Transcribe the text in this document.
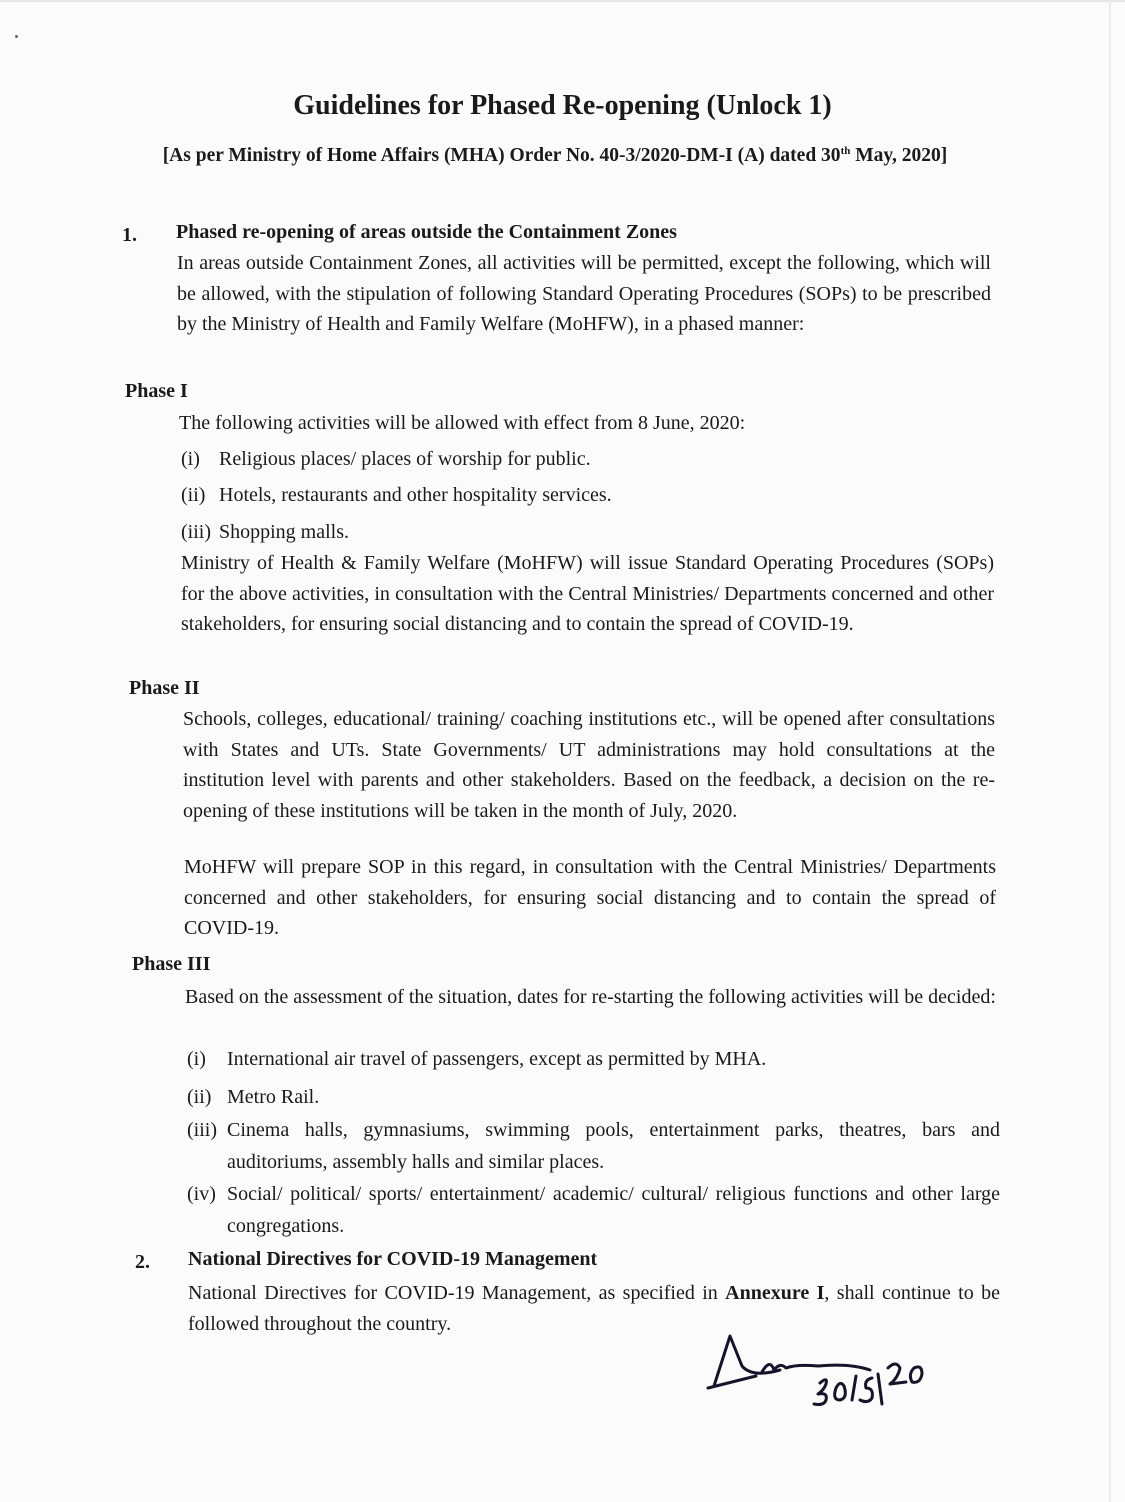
Guidelines for Phased Re-opening (Unlock 1)
[As per Ministry of Home Affairs (MHA) Order No. 40-3/2020-DM-I (A) dated 30th May, 2020]
1. Phased re-opening of areas outside the Containment Zones
In areas outside Containment Zones, all activities will be permitted, except the following, which will be allowed, with the stipulation of following Standard Operating Procedures (SOPs) to be prescribed by the Ministry of Health and Family Welfare (MoHFW), in a phased manner:
Phase I
The following activities will be allowed with effect from 8 June, 2020:
(i) Religious places/ places of worship for public.
(ii) Hotels, restaurants and other hospitality services.
(iii) Shopping malls.
Ministry of Health & Family Welfare (MoHFW) will issue Standard Operating Procedures (SOPs) for the above activities, in consultation with the Central Ministries/ Departments concerned and other stakeholders, for ensuring social distancing and to contain the spread of COVID-19.
Phase II
Schools, colleges, educational/ training/ coaching institutions etc., will be opened after consultations with States and UTs. State Governments/ UT administrations may hold consultations at the institution level with parents and other stakeholders. Based on the feedback, a decision on the re-opening of these institutions will be taken in the month of July, 2020.
MoHFW will prepare SOP in this regard, in consultation with the Central Ministries/ Departments concerned and other stakeholders, for ensuring social distancing and to contain the spread of COVID-19.
Phase III
Based on the assessment of the situation, dates for re-starting the following activities will be decided:
(i) International air travel of passengers, except as permitted by MHA.
(ii) Metro Rail.
(iii) Cinema halls, gymnasiums, swimming pools, entertainment parks, theatres, bars and auditoriums, assembly halls and similar places.
(iv) Social/ political/ sports/ entertainment/ academic/ cultural/ religious functions and other large congregations.
2. National Directives for COVID-19 Management
National Directives for COVID-19 Management, as specified in Annexure I, shall continue to be followed throughout the country.
